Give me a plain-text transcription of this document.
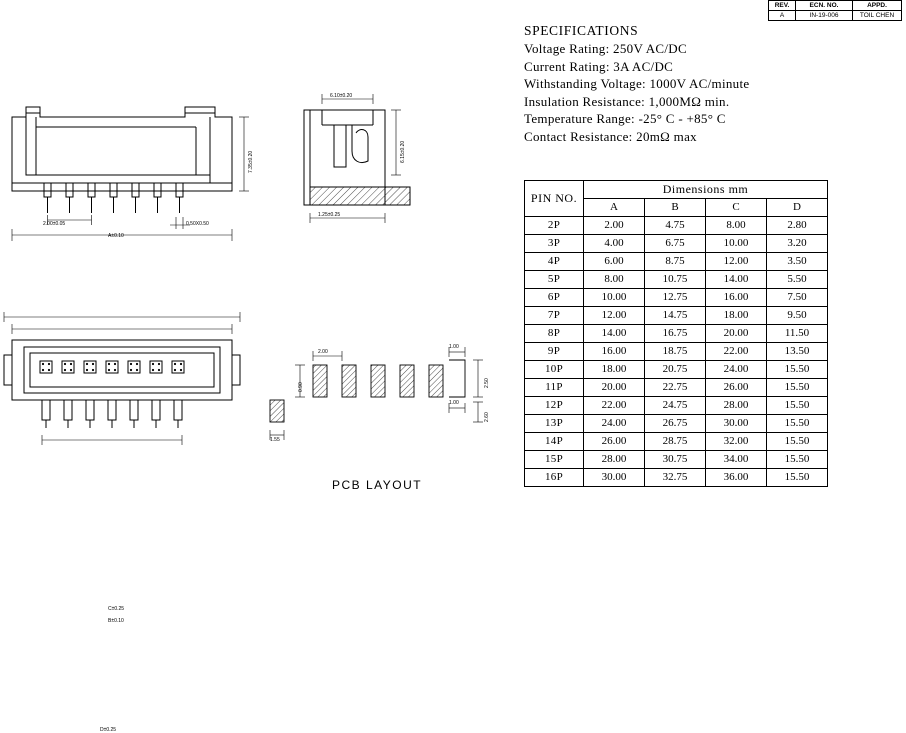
REV.	ECN. NO.	APPD.
A	IN-19-006	TOIL CHEN
SPECIFICATIONS
Voltage Rating: 250V AC/DC
Current Rating: 3A AC/DC
Withstanding Voltage: 1000V AC/minute
Insulation Resistance: 1,000MΩ min.
Temperature Range: -25° C - +85° C
Contact Resistance: 20mΩ max
PIN NO.	Dimensions mm			
	A	B	C	D
2P	2.00	4.75	8.00	2.80
3P	4.00	6.75	10.00	3.20
4P	6.00	8.75	12.00	3.50
5P	8.00	10.75	14.00	5.50
6P	10.00	12.75	16.00	7.50
7P	12.00	14.75	18.00	9.50
8P	14.00	16.75	20.00	11.50
9P	16.00	18.75	22.00	13.50
10P	18.00	20.75	24.00	15.50
11P	20.00	22.75	26.00	15.50
12P	22.00	24.75	28.00	15.50
13P	24.00	26.75	30.00	15.50
14P	26.00	28.75	32.00	15.50
15P	28.00	30.75	34.00	15.50
16P	30.00	32.75	36.00	15.50
2.00±0.05	0.50X0.50
A±0.10
7.35±0.20
6.10±0.20
6.15±0.20
1.25±0.25
C±0.25
B±0.10
D±0.25
2.00
0.90
1.00
2.50
1.00
2.60
1.55
PCB LAYOUT
